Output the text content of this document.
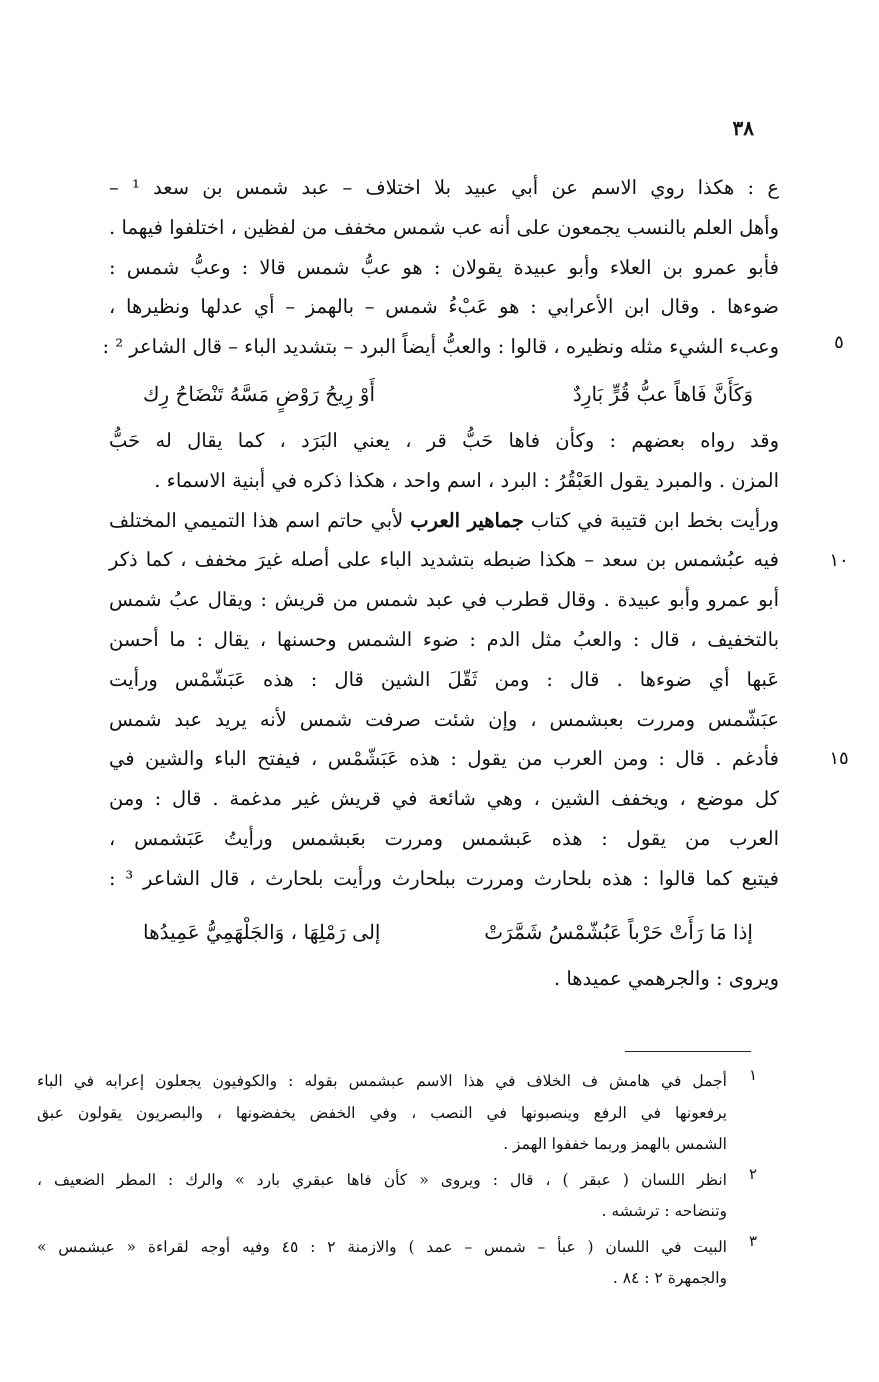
٣٨
ع : هكذا روي الاسم عن أبي عبيد بلا اختلاف – عبد شمس بن سعد ¹ –
وأهل العلم بالنسب يجمعون على أنه عب شمس مخفف من لفظين ، اختلفوا فيهما .
فأبو عمرو بن العلاء وأبو عبيدة يقولان : هو عبُّ شمس قالا : وعبُّ شمس :
ضوءها . وقال ابن الأعرابي : هو عَبْءُ شمس – بالهمز – أي عدلها ونظيرها ،
وعبء الشيء مثله ونظيره ، قالوا : والعبُّ أيضاً البرد – بتشديد الباء – قال الشاعر ² :
وَكَأَنَّ فَاهاً عبُّ قُرٍّ بَارِدٌ
أَوْ رِيحُ رَوْضٍ مَسَّهُ تَنْضَاحُ رِك
وقد رواه بعضهم : وكأن فاها حَبُّ قر ، يعني البَرَد ، كما يقال له حَبُّ
المزن . والمبرد يقول العَبْقُرُ : البرد ، اسم واحد ، هكذا ذكره في أبنية الاسماء .
ورأيت بخط ابن قتيبة في كتاب جماهير العرب لأبي حاتم اسم هذا التميمي المختلف
فيه عبُشمس بن سعد – هكذا ضبطه بتشديد الباء على أصله غيرَ مخفف ، كما ذكر
أبو عمرو وأبو عبيدة . وقال قطرب في عبد شمس من قريش : ويقال عبُ شمس
بالتخفيف ، قال : والعبُ مثل الدم : ضوء الشمس وحسنها ، يقال : ما أحسن
عَبها أي ضوءها . قال : ومن ثَقّلَ الشين قال : هذه عَبَشّمْس ورأيت
عبَشّمس ومررت بعبشمس ، وإن شئت صرفت شمس لأنه يريد عبد شمس
فأدغم . قال : ومن العرب من يقول : هذه عَبَشّمْس ، فيفتح الباء والشين في
كل موضع ، ويخفف الشين ، وهي شائعة في قريش غير مدغمة . قال : ومن
العرب من يقول : هذه عَبشمس ومررت بعَبشمس ورأيتُ عَبَشمس ،
فيتبع كما قالوا : هذه بلحارث ومررت ببلحارث ورأيت بلحارث ، قال الشاعر ³ :
إذا مَا رَأَتْ حَرْباً عَبُشّمْسُ شَمَّرَتْ
إلى رَمْلِهَا ، وَالجَلْهَمِيُّ عَمِيدُها
ويروى : والجرهمي عميدها .
٥
١٠
١٥
١
أجمل في هامش ف الخلاف في هذا الاسم عبشمس بقوله : والكوفيون يجعلون إعرابه في الباء
يرفعونها في الرفع وينصبونها في النصب ، وفي الخفض يخفضونها ، والبصريون يقولون عبق
الشمس بالهمز وربما خففوا الهمز .
٢
انظر اللسان ( عبقر ) ، قال : ويروى « كأن فاها عبقري بارد » والرك : المطر الضعيف ،
وتنضاحه : ترششه .
٣
البيت في اللسان ( عبأ – شمس – عمد ) والازمنة ٢ : ٤٥ وفيه أوجه لقراءة « عبشمس »
والجمهرة ٢ : ٨٤ .
